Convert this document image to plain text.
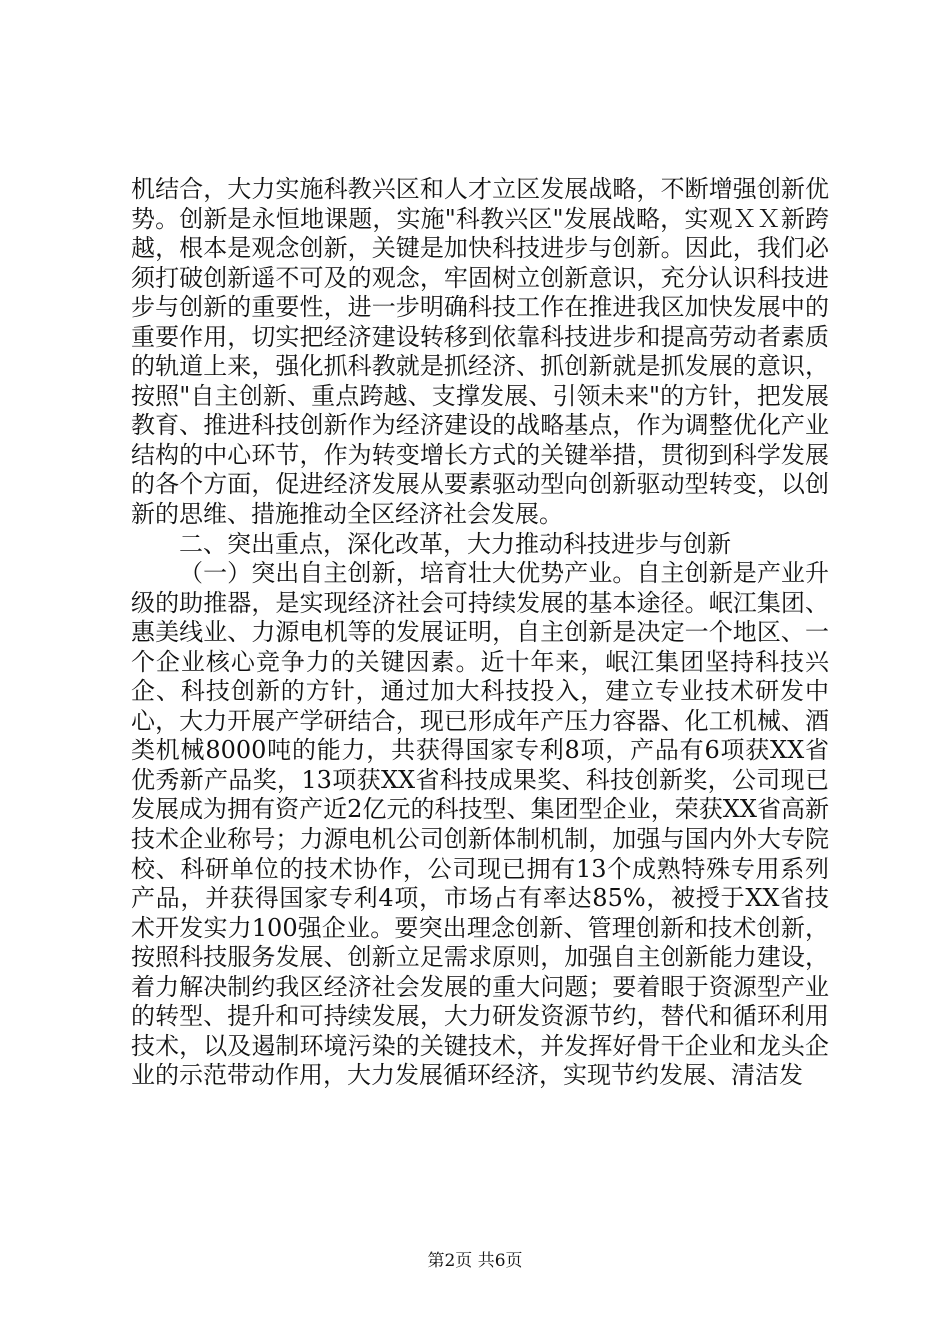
机结合，大力实施科教兴区和人才立区发展战略，不断增强创新优势。创新是永恒地课题，实施"科教兴区"发展战略，实观ＸＸ新跨越，根本是观念创新，关键是加快科技进步与创新。因此，我们必须打破创新遥不可及的观念，牢固树立创新意识，充分认识科技进步与创新的重要性，进一步明确科技工作在推进我区加快发展中的重要作用，切实把经济建设转移到依靠科技进步和提高劳动者素质的轨道上来，强化抓科教就是抓经济、抓创新就是抓发展的意识，按照"自主创新、重点跨越、支撑发展、引领未来"的方针，把发展教育、推进科技创新作为经济建设的战略基点，作为调整优化产业结构的中心环节，作为转变增长方式的关键举措，贯彻到科学发展的各个方面，促进经济发展从要素驱动型向创新驱动型转变，以创新的思维、措施推动全区经济社会发展。

二、突出重点，深化改革，大力推动科技进步与创新

（一）突出自主创新，培育壮大优势产业。自主创新是产业升级的助推器，是实现经济社会可持续发展的基本途径。岷江集团、惠美线业、力源电机等的发展证明，自主创新是决定一个地区、一个企业核心竞争力的关键因素。近十年来，岷江集团坚持科技兴企、科技创新的方针，通过加大科技投入，建立专业技术研发中心，大力开展产学研结合，现已形成年产压力容器、化工机械、酒类机械8000吨的能力，共获得国家专利8项，产品有6项获XX省优秀新产品奖，13项获XX省科技成果奖、科技创新奖，公司现已发展成为拥有资产近2亿元的科技型、集团型企业，荣获XX省高新技术企业称号；力源电机公司创新体制机制，加强与国内外大专院校、科研单位的技术协作，公司现已拥有13个成熟特殊专用系列产品，并获得国家专利4项，市场占有率达85%，被授于XX省技术开发实力100强企业。要突出理念创新、管理创新和技术创新，按照科技服务发展、创新立足需求原则，加强自主创新能力建设，着力解决制约我区经济社会发展的重大问题；要着眼于资源型产业的转型、提升和可持续发展，大力研发资源节约，替代和循环利用技术，以及遏制环境污染的关键技术，并发挥好骨干企业和龙头企业的示范带动作用，大力发展循环经济，实现节约发展、清洁发

第2页 共6页
